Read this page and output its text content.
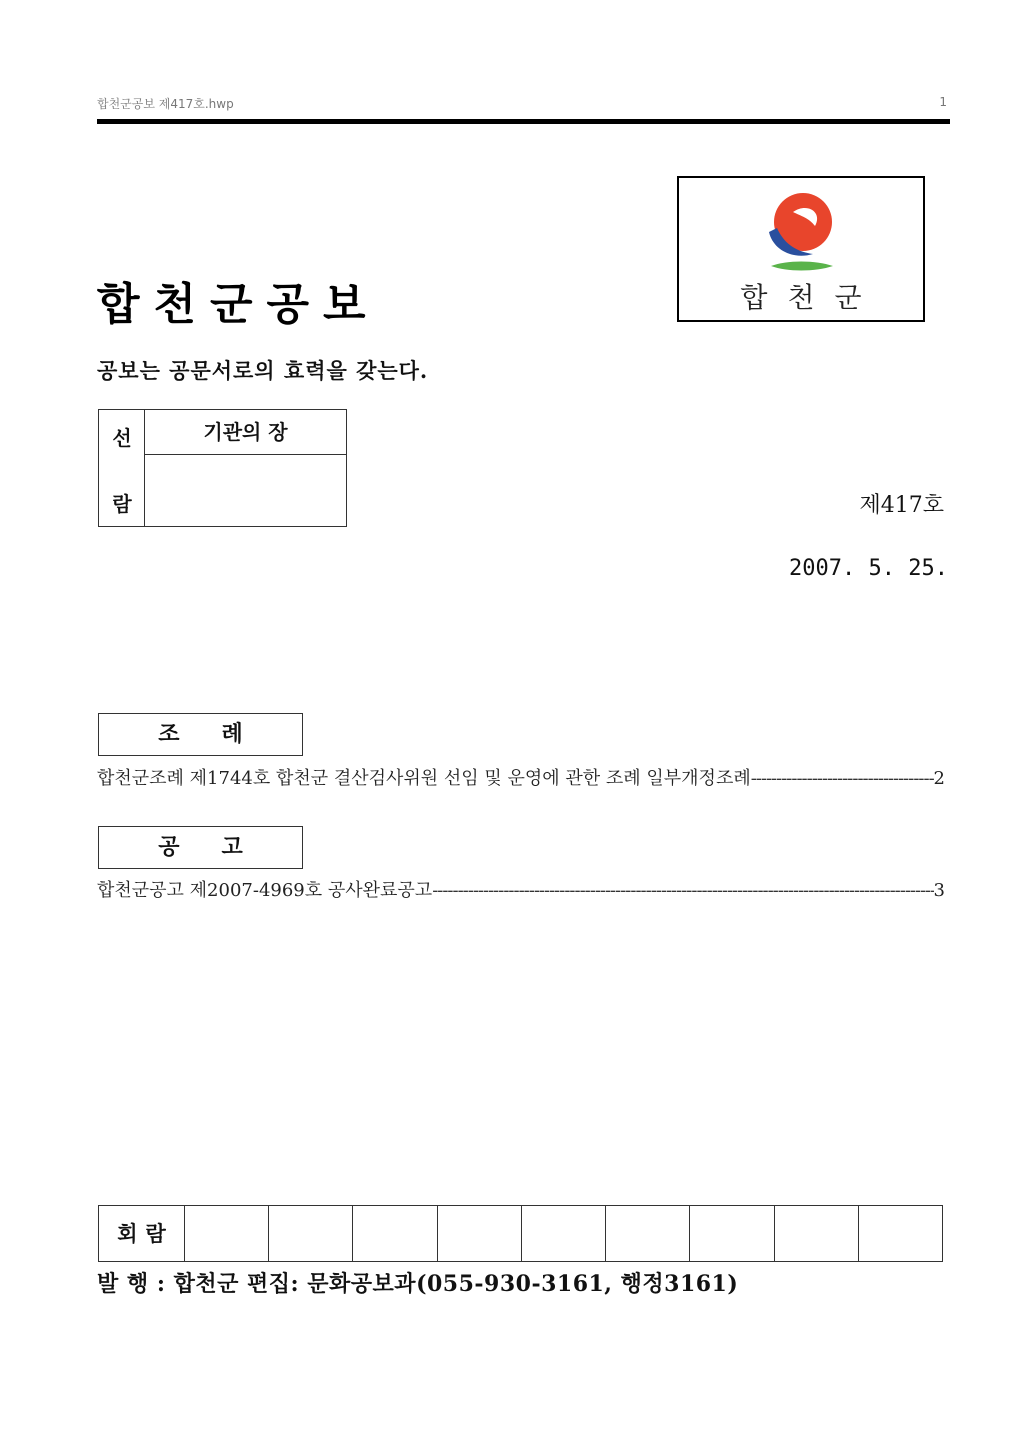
합천군공보 제417호.hwp	1
합천군공보
공보는 공문서로의 효력을 갖는다.
합천군
선
람
기관의 장
제417호
2007. 5. 25.
조례
합천군조례 제1744호 합천군 결산검사위원 선임 및 운영에 관한 조례 일부개정조례 -----	2
공고
합천군공고 제2007-4969호 공사완료공고 -----	3
회람
발 행 : 합천군 편집: 문화공보과(055-930-3161, 행정3161)
